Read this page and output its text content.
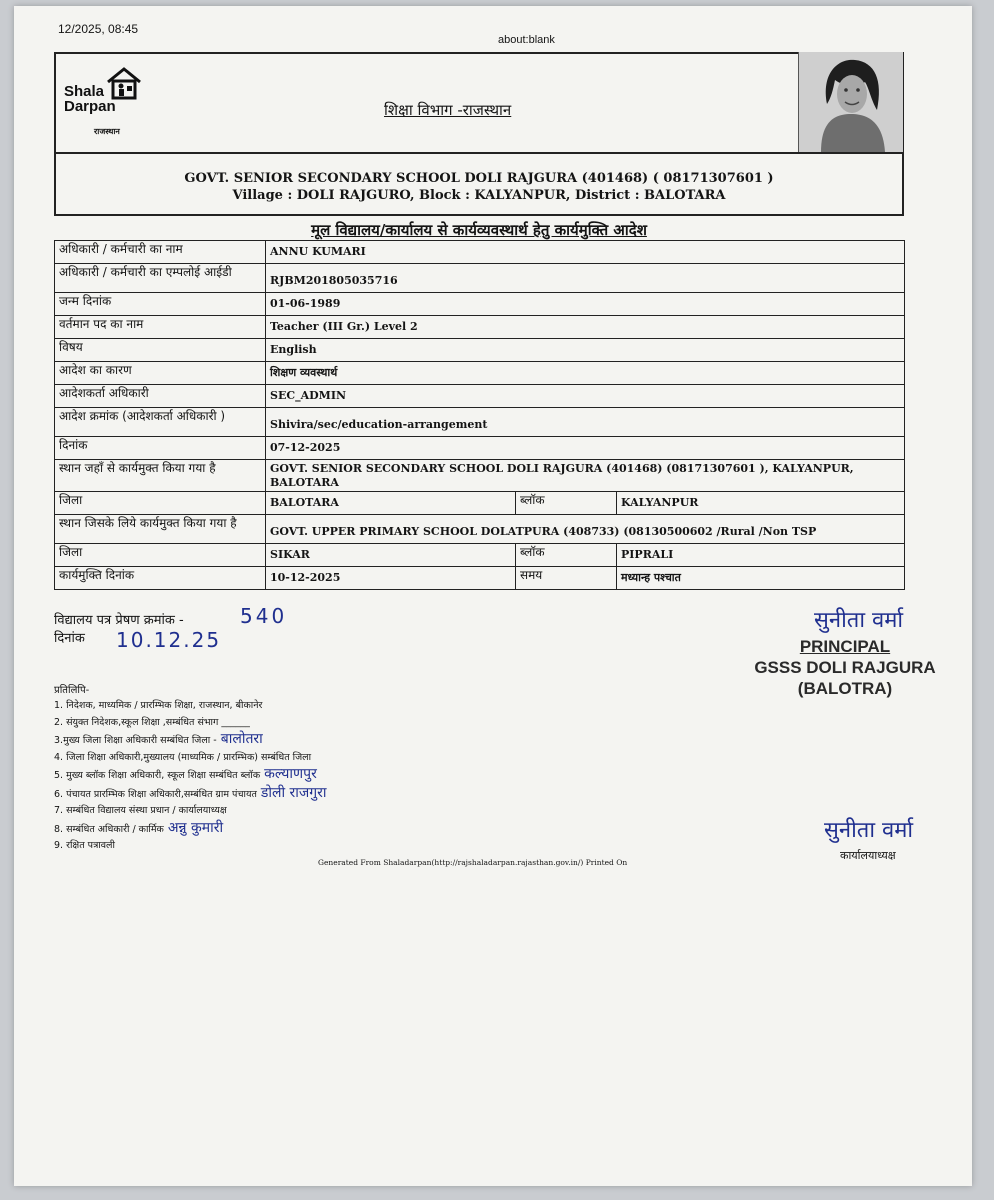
12/2025, 08:45
about:blank
Shala
Darpan
राजस्थान
शिक्षा विभाग -राजस्थान
GOVT. SENIOR SECONDARY SCHOOL DOLI RAJGURA (401468) ( 08171307601 )
Village : DOLI RAJGURO, Block : KALYANPUR, District : BALOTARA
मूल विद्यालय/कार्यालय से कार्यव्यवस्थार्थ हेतु कार्यमुक्ति आदेश
अधिकारी / कर्मचारी का नाम	ANNU KUMARI		
अधिकारी / कर्मचारी का एम्पलोई आईडी	RJBM201805035716		
जन्म दिनांक	01-06-1989		
वर्तमान पद का नाम	Teacher (III Gr.) Level 2		
विषय	English		
आदेश का कारण	शिक्षण व्यवस्थार्थ		
आदेशकर्ता अधिकारी	SEC_ADMIN		
आदेश क्रमांक (आदेशकर्ता अधिकारी )	Shivira/sec/education-arrangement		
दिनांक	07-12-2025		
स्थान जहाँ से कार्यमुक्त किया गया है	GOVT. SENIOR SECONDARY SCHOOL DOLI RAJGURA (401468) (08171307601 ), KALYANPUR, BALOTARA		
जिला	BALOTARA	ब्लॉक	KALYANPUR
स्थान जिसके लिये कार्यमुक्त किया गया है	GOVT. UPPER PRIMARY SCHOOL DOLATPURA (408733) (08130500602 /Rural /Non TSP		
जिला	SIKAR	ब्लॉक	PIPRALI
कार्यमुक्ति दिनांक	10-12-2025	समय	मध्यान्ह पश्चात
विद्यालय पत्र प्रेषण क्रमांक -	540
दिनांक 10.12.25
सुनीता वर्मा
PRINCIPAL
GSSS DOLI RAJGURA
(BALOTRA)
प्रतिलिपि-
1. निदेशक, माध्यमिक / प्रारम्भिक शिक्षा, राजस्थान, बीकानेर
2. संयुक्त निदेशक,स्कूल शिक्षा ,सम्बंधित संभाग ______
3.मुख्य जिला शिक्षा अधिकारी सम्बंधित जिला - बालोतरा
4. जिला शिक्षा अधिकारी,मुख्यालय (माध्यमिक / प्रारम्भिक) सम्बंधित जिला
5. मुख्य ब्लॉक शिक्षा अधिकारी, स्कूल शिक्षा सम्बंधित ब्लॉक कल्याणपुर
6. पंचायत प्रारम्भिक शिक्षा अधिकारी,सम्बंधित ग्राम पंचायत डोली राजगुरा
7. सम्बंधित विद्यालय संस्था प्रधान / कार्यालयाध्यक्ष
8. सम्बंधित अधिकारी / कार्मिक अन्नु कुमारी
9. रक्षित पत्रावली
Generated From Shaladarpan(http://rajshaladarpan.rajasthan.gov.in/) Printed On
सुनीता वर्मा
कार्यालयाध्यक्ष
